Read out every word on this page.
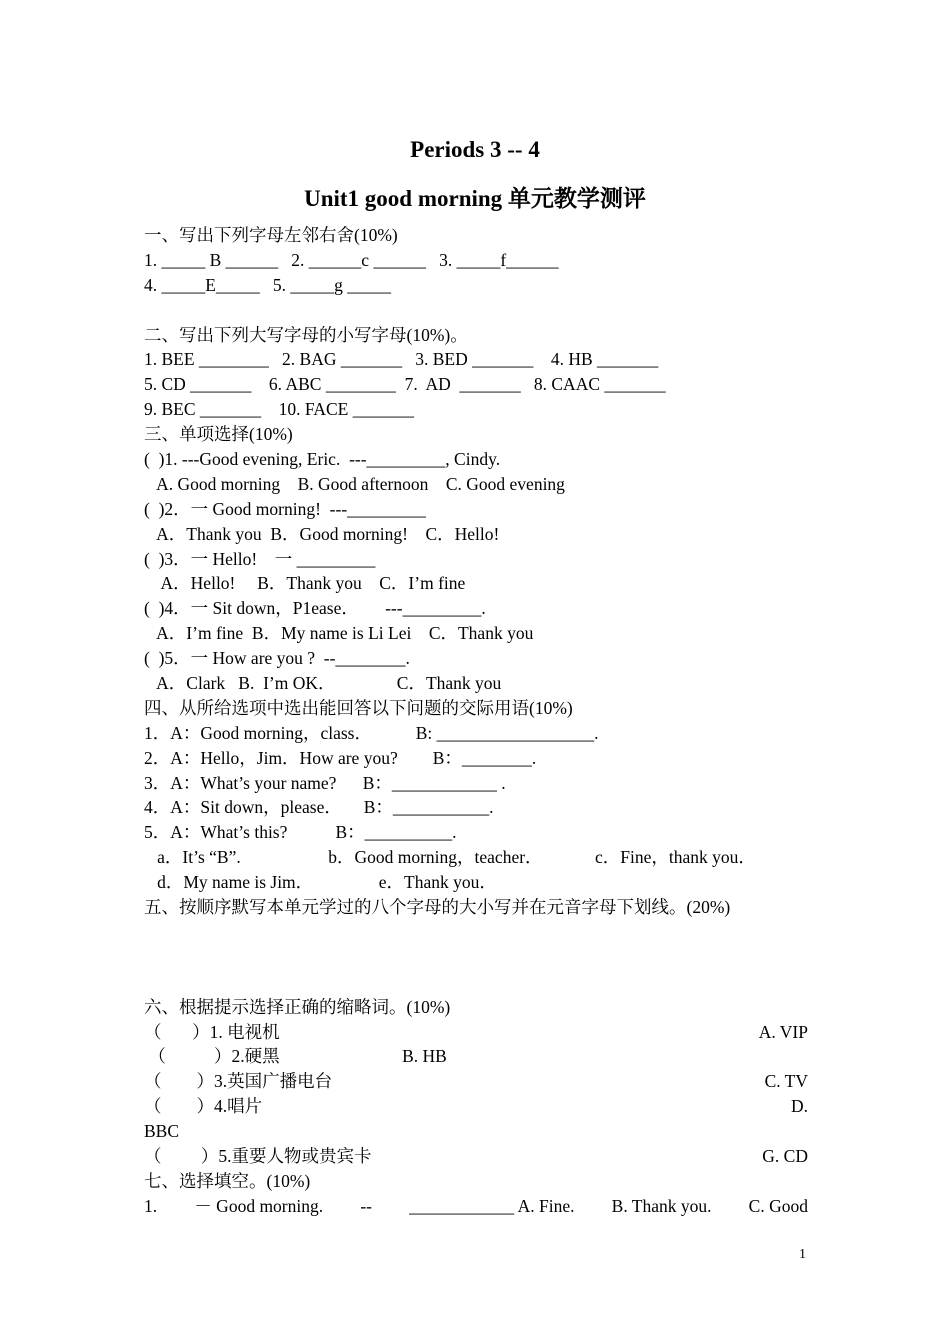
Periods 3 -- 4
Unit1 good morning 单元教学测评
一、写出下列字母左邻右舍(10%)
1. _____ B ______   2. ______c ______   3. _____f______
4. _____E_____   5. _____g _____
二、写出下列大写字母的小写字母(10%)。
1. BEE ________   2. BAG _______   3. BED _______    4. HB _______
5. CD _______    6. ABC ________  7.  AD  _______   8. CAAC _______
9. BEC _______    10. FACE _______
三、单项选择(10%)
(  )1. ---Good evening, Eric.  ---_________, Cindy.
A. Good morning    B. Good afternoon    C. Good evening
(  )2．一 Good morning!  ---_________
A．Thank you  B．Good morning!    C．Hello!
(  )3．一 Hello!    一 _________
A．Hello!     B．Thank you    C．I’m fine
(  )4．一 Sit down，P1ease．      ---_________.
A．I’m fine  B．My name is Li Lei    C．Thank you
(  )5．一 How are you ?  --________.
A．Clark   B.  I’m OK．              C．Thank you
四、从所给选项中选出能回答以下问题的交际用语(10%)
1．A：Good morning，class．          B: __________________.
2．A：Hello，Jim．How are you?        B：________.
3．A：What’s your name?      B：____________ .
4．A：Sit down，please．     B：___________.
5．A：What’s this?           B：__________.
a．It’s “B”.                    b．Good morning，teacher．            c．Fine，thank you．
d．My name is Jim．               e．Thank you．
五、按顺序默写本单元学过的八个字母的大小写并在元音字母下划线。(20%)
六、根据提示选择正确的缩略词。(10%)
（       ）1. 电视机	A. VIP
（           ）2.硬黑                            B. HB
（        ）3.英国广播电台	C. TV
（        ）4.唱片	D.
BBC
（         ）5.重要人物或贵宾卡	G. CD
七、选择填空。(10%)
1. － Good morning. -- ____________ A. Fine. B. Thank you. C. Good
1
